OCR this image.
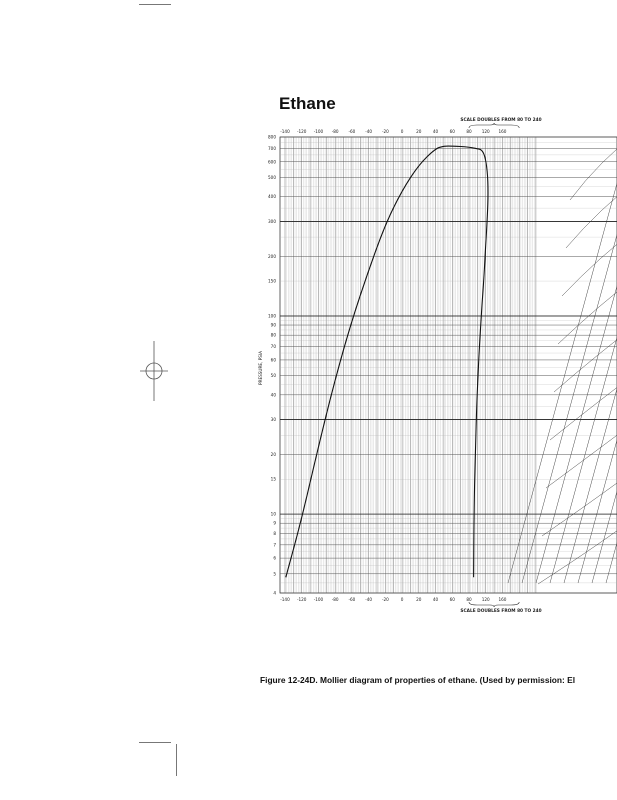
Ethane
-140 -120 -100 -80 -60 -40 -20	0	20	40	60	80 120 160
-140 -120 -100 -80 -60 -40 -20	0	20	40	60	80 120 160
800
700
600
500
400
300
200
150
100
90
80
70
60
50
40
30
20
15
10
9
8
7
6
5
4
PRESSURE, PSIA
SCALE DOUBLES FROM 80 TO 240
SCALE DOUBLES FROM 80 TO 240
Figure 12-24D. Mollier diagram of properties of ethane. (Used by permission: El
